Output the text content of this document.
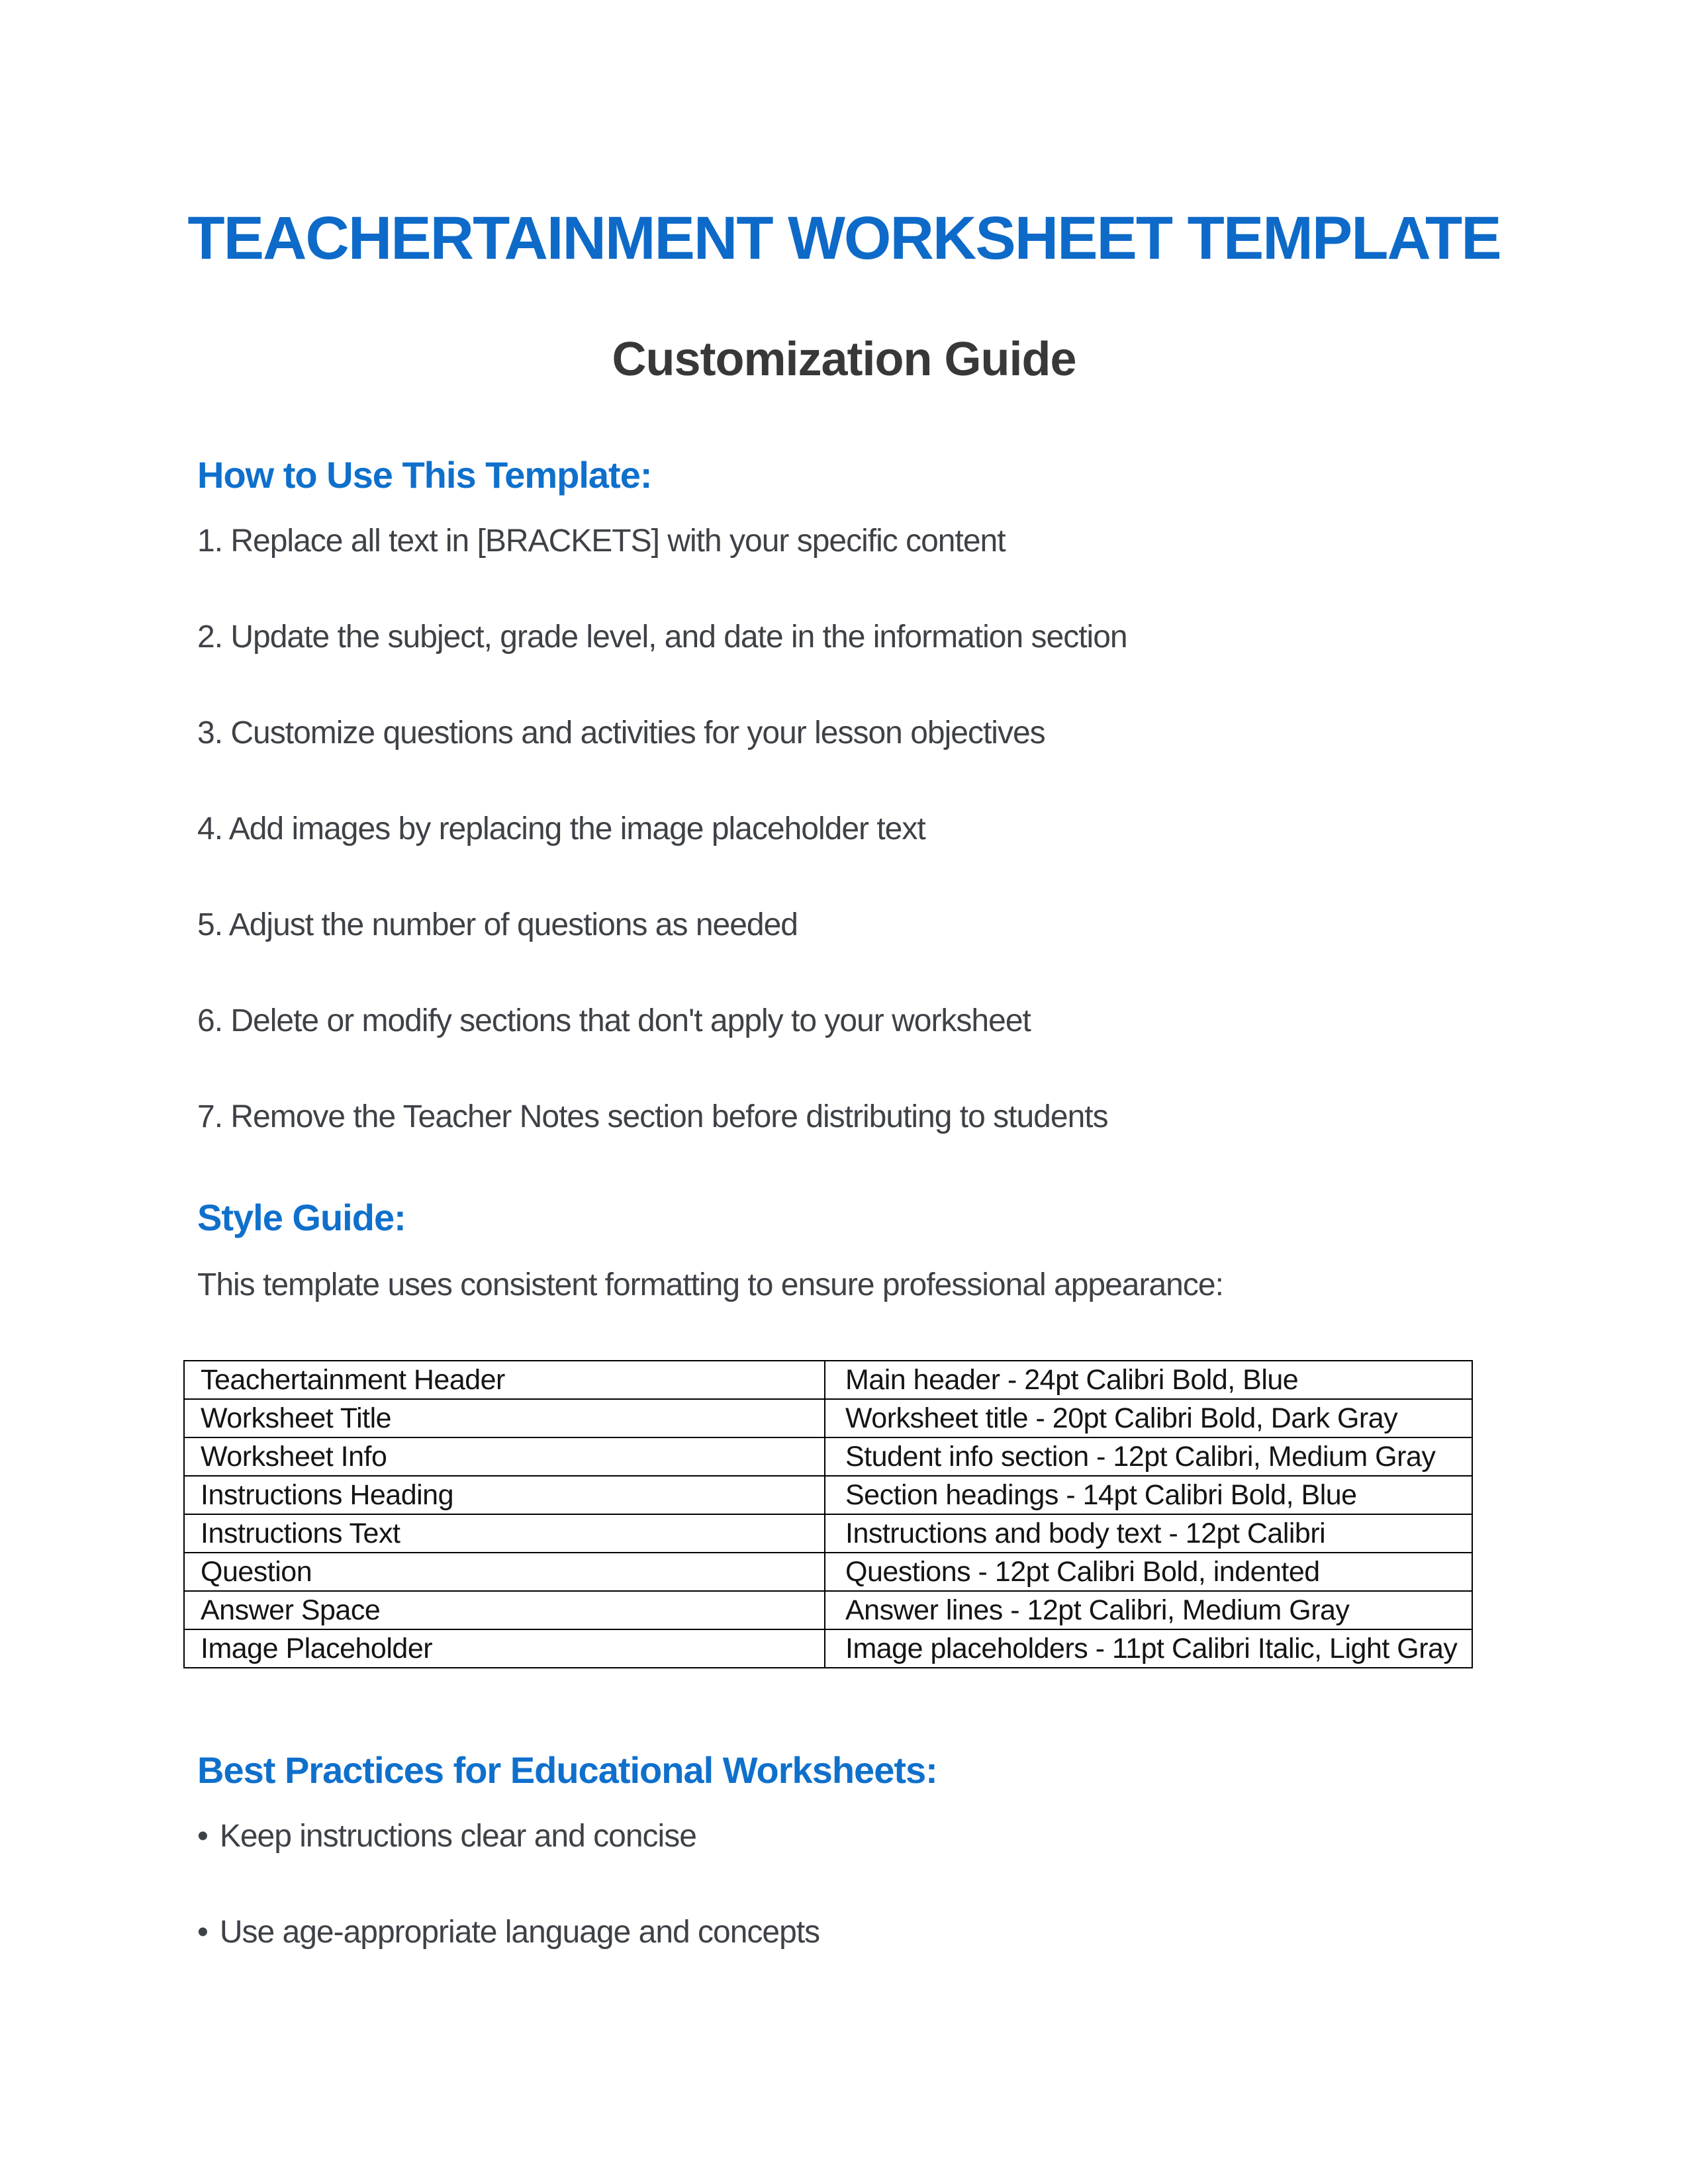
TEACHERTAINMENT WORKSHEET TEMPLATE
Customization Guide
How to Use This Template:
1. Replace all text in [BRACKETS] with your specific content
2. Update the subject, grade level, and date in the information section
3. Customize questions and activities for your lesson objectives
4. Add images by replacing the image placeholder text
5. Adjust the number of questions as needed
6. Delete or modify sections that don't apply to your worksheet
7. Remove the Teacher Notes section before distributing to students
Style Guide:
This template uses consistent formatting to ensure professional appearance:
Teachertainment Header	Main header - 24pt Calibri Bold, Blue
Worksheet Title	Worksheet title - 20pt Calibri Bold, Dark Gray
Worksheet Info	Student info section - 12pt Calibri, Medium Gray
Instructions Heading	Section headings - 14pt Calibri Bold, Blue
Instructions Text	Instructions and body text - 12pt Calibri
Question	Questions - 12pt Calibri Bold, indented
Answer Space	Answer lines - 12pt Calibri, Medium Gray
Image Placeholder	Image placeholders - 11pt Calibri Italic, Light Gray
Best Practices for Educational Worksheets:
• Keep instructions clear and concise
• Use age-appropriate language and concepts
